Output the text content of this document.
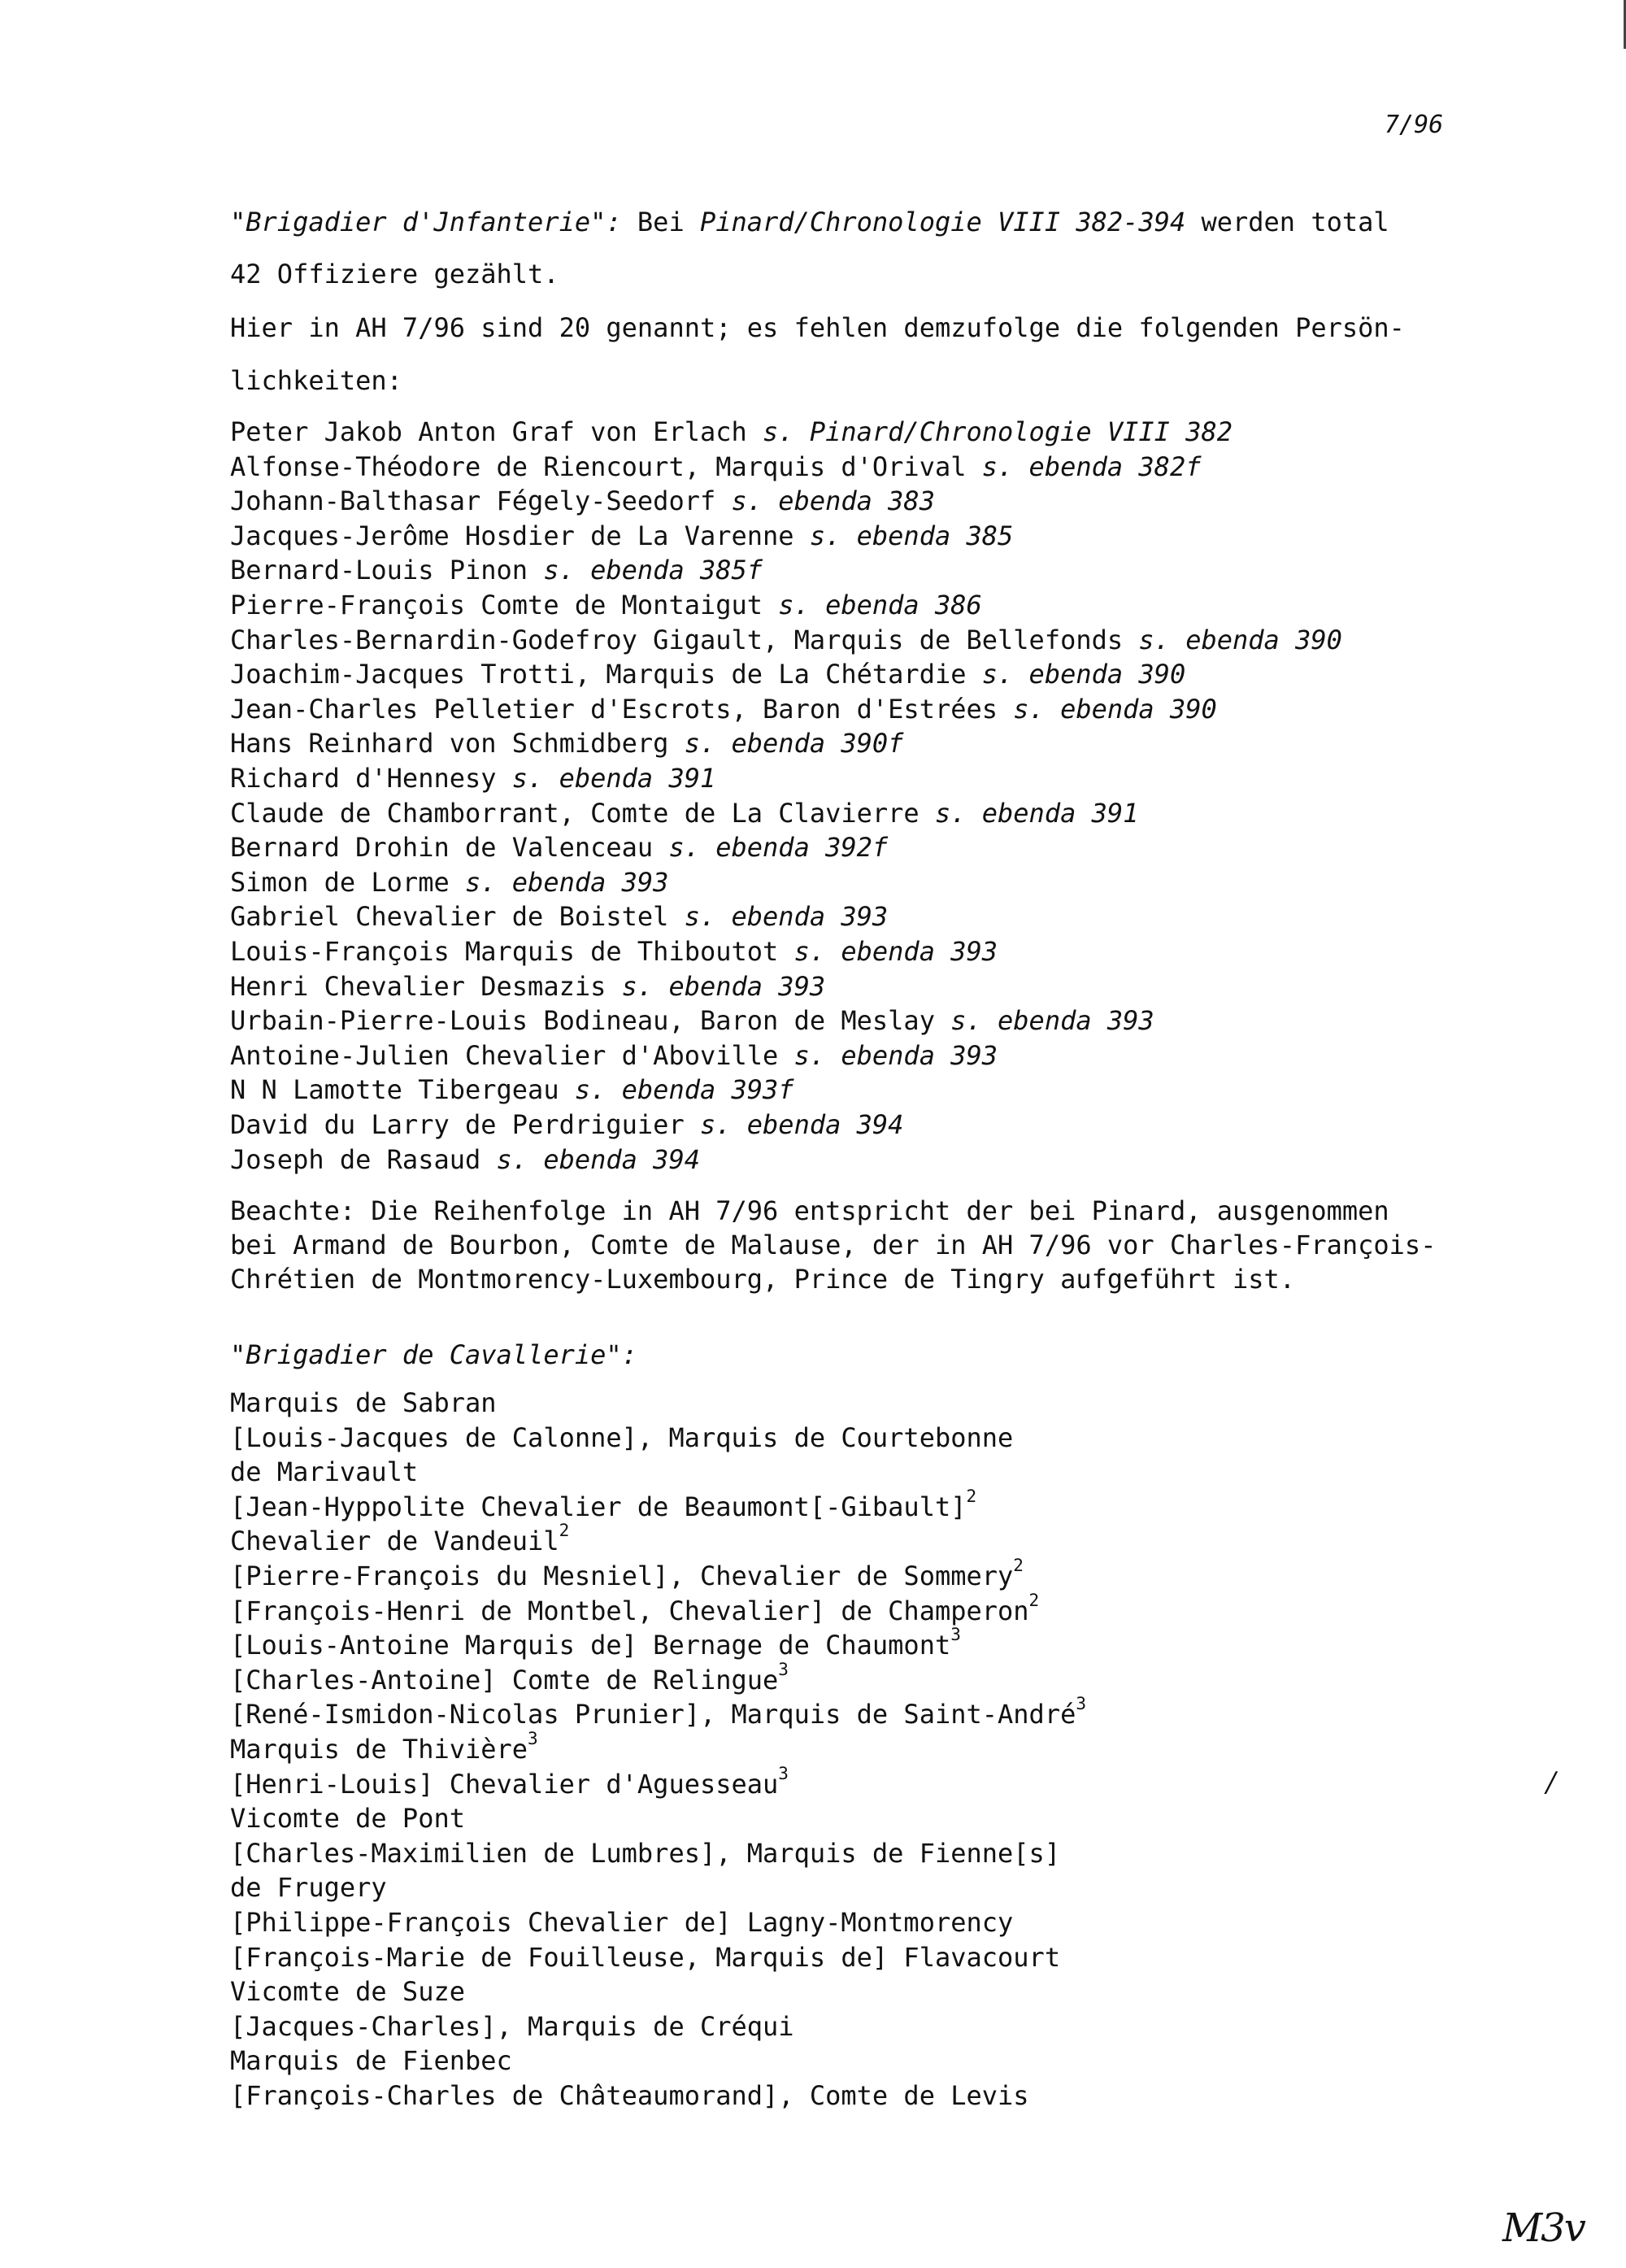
7/96
"Brigadier d'Jnfanterie": Bei Pinard/Chronologie VIII 382-394 werden total
42 Offiziere gezählt.
Hier in AH 7/96 sind 20 genannt; es fehlen demzufolge die folgenden Persön-
lichkeiten:
Peter Jakob Anton Graf von Erlach s. Pinard/Chronologie VIII 382
Alfonse-Théodore de Riencourt, Marquis d'Orival s. ebenda 382f
Johann-Balthasar Fégely-Seedorf s. ebenda 383
Jacques-Jerôme Hosdier de La Varenne s. ebenda 385
Bernard-Louis Pinon s. ebenda 385f
Pierre-François Comte de Montaigut s. ebenda 386
Charles-Bernardin-Godefroy Gigault, Marquis de Bellefonds s. ebenda 390
Joachim-Jacques Trotti, Marquis de La Chétardie s. ebenda 390
Jean-Charles Pelletier d'Escrots, Baron d'Estrées s. ebenda 390
Hans Reinhard von Schmidberg s. ebenda 390f
Richard d'Hennesy s. ebenda 391
Claude de Chamborrant, Comte de La Clavierre s. ebenda 391
Bernard Drohin de Valenceau s. ebenda 392f
Simon de Lorme s. ebenda 393
Gabriel Chevalier de Boistel s. ebenda 393
Louis-François Marquis de Thiboutot s. ebenda 393
Henri Chevalier Desmazis s. ebenda 393
Urbain-Pierre-Louis Bodineau, Baron de Meslay s. ebenda 393
Antoine-Julien Chevalier d'Aboville s. ebenda 393
N N Lamotte Tibergeau s. ebenda 393f
David du Larry de Perdriguier s. ebenda 394
Joseph de Rasaud s. ebenda 394
Beachte: Die Reihenfolge in AH 7/96 entspricht der bei Pinard, ausgenommen
bei Armand de Bourbon, Comte de Malause, der in AH 7/96 vor Charles-François-
Chrétien de Montmorency-Luxembourg, Prince de Tingry aufgeführt ist.
"Brigadier de Cavallerie":
Marquis de Sabran
[Louis-Jacques de Calonne], Marquis de Courtebonne
de Marivault
[Jean-Hyppolite Chevalier de Beaumont[-Gibault]$^2$
Chevalier de Vandeuil$^2$
[Pierre-François du Mesniel], Chevalier de Sommery$^2$
[François-Henri de Montbel, Chevalier] de Champeron$^2$
[Louis-Antoine Marquis de] Bernage de Chaumont$^3$
[Charles-Antoine] Comte de Relingue$^3$
[René-Ismidon-Nicolas Prunier], Marquis de Saint-André$^3$
Marquis de Thivière$^3$
[Henri-Louis] Chevalier d'Aguesseau$^3$
Vicomte de Pont
[Charles-Maximilien de Lumbres], Marquis de Fienne[s]
de Frugery
[Philippe-François Chevalier de] Lagny-Montmorency
[François-Marie de Fouilleuse, Marquis de] Flavacourt
Vicomte de Suze
[Jacques-Charles], Marquis de Créqui
Marquis de Fienbec
[François-Charles de Châteaumorand], Comte de Levis
/
M3v
